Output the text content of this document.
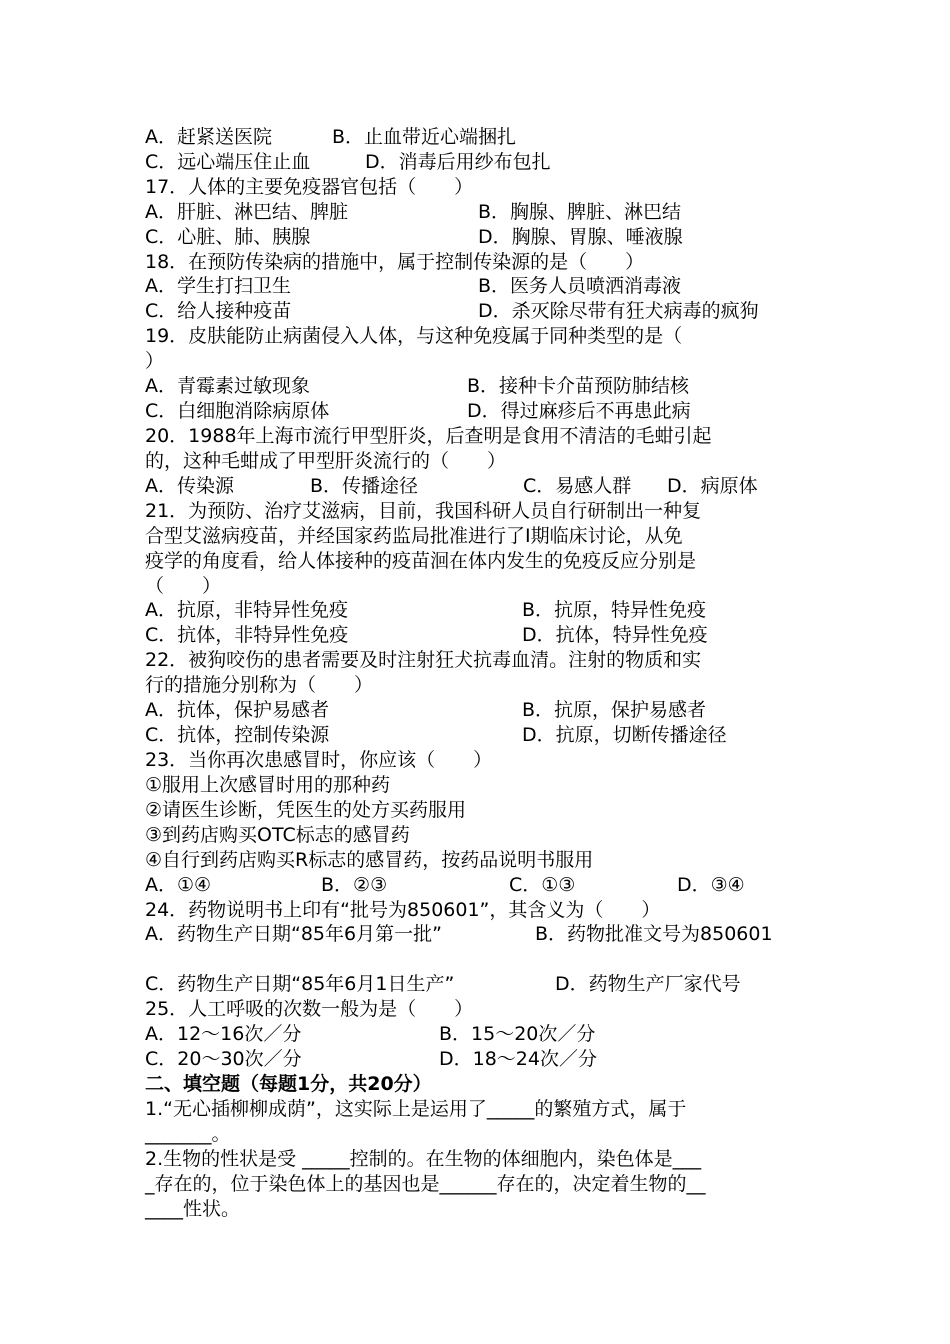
A．赶紧送医院	B．止血带近心端捆扎
C．远心端压住止血	D．消毒后用纱布包扎
17．人体的主要免疫器官包括（　　）
A．肝脏、淋巴结、脾脏	B．胸腺、脾脏、淋巴结
C．心脏、肺、胰腺	D．胸腺、胃腺、唾液腺
18．在预防传染病的措施中，属于控制传染源的是（　　）
A．学生打扫卫生	B．医务人员喷洒消毒液
C．给人接种疫苗	D．杀灭除尽带有狂犬病毒的疯狗
19．皮肤能防止病菌侵入人体，与这种免疫属于同种类型的是（
）
A．青霉素过敏现象	B．接种卡介苗预防肺结核
C．白细胞消除病原体	D．得过麻疹后不再患此病
20．1988年上海市流行甲型肝炎，后查明是食用不清洁的毛蚶引起
的，这种毛蚶成了甲型肝炎流行的（　　）
A．传染源	B．传播途径	C．易感人群 D．病原体
21．为预防、治疗艾滋病，目前，我国科研人员自行研制出一种复
合型艾滋病疫苗，并经国家药监局批准进行了Ⅰ期临床讨论，从免
疫学的角度看，给人体接种的疫苗洄在体内发生的免疫反应分别是
（　　）
A．抗原，非特异性免疫	B．抗原，特异性免疫
C．抗体，非特异性免疫	D．抗体，特异性免疫
22．被狗咬伤的患者需要及时注射狂犬抗毒血清。注射的物质和实
行的措施分别称为（　　）
A．抗体，保护易感者	B．抗原，保护易感者
C．抗体，控制传染源	D．抗原，切断传播途径
23．当你再次患感冒时，你应该（　　）
①服用上次感冒时用的那种药
②请医生诊断，凭医生的处方买药服用
③到药店购买OTC标志的感冒药
④自行到药店购买R标志的感冒药，按药品说明书服用
A．①④	B．②③	C．①③	D．③④
24．药物说明书上印有“批号为850601”，其含义为（　　）
A．药物生产日期“85年6月第一批”	B．药物批准文号为850601
C．药物生产日期“85年6月1日生产”	D．药物生产厂家代号
25．人工呼吸的次数一般为是（　　）
A．12～16次／分	B．15～20次／分
C．20～30次／分	D．18～24次／分
二、填空题（每题1分，共20分）
1.“无心插柳柳成荫”，这实际上是运用了_____的繁殖方式，属于
_______。
2.生物的性状是受 _____控制的。在生物的体细胞内，染色体是___
_存在的，位于染色体上的基因也是______存在的，决定着生物的__
____性状。
